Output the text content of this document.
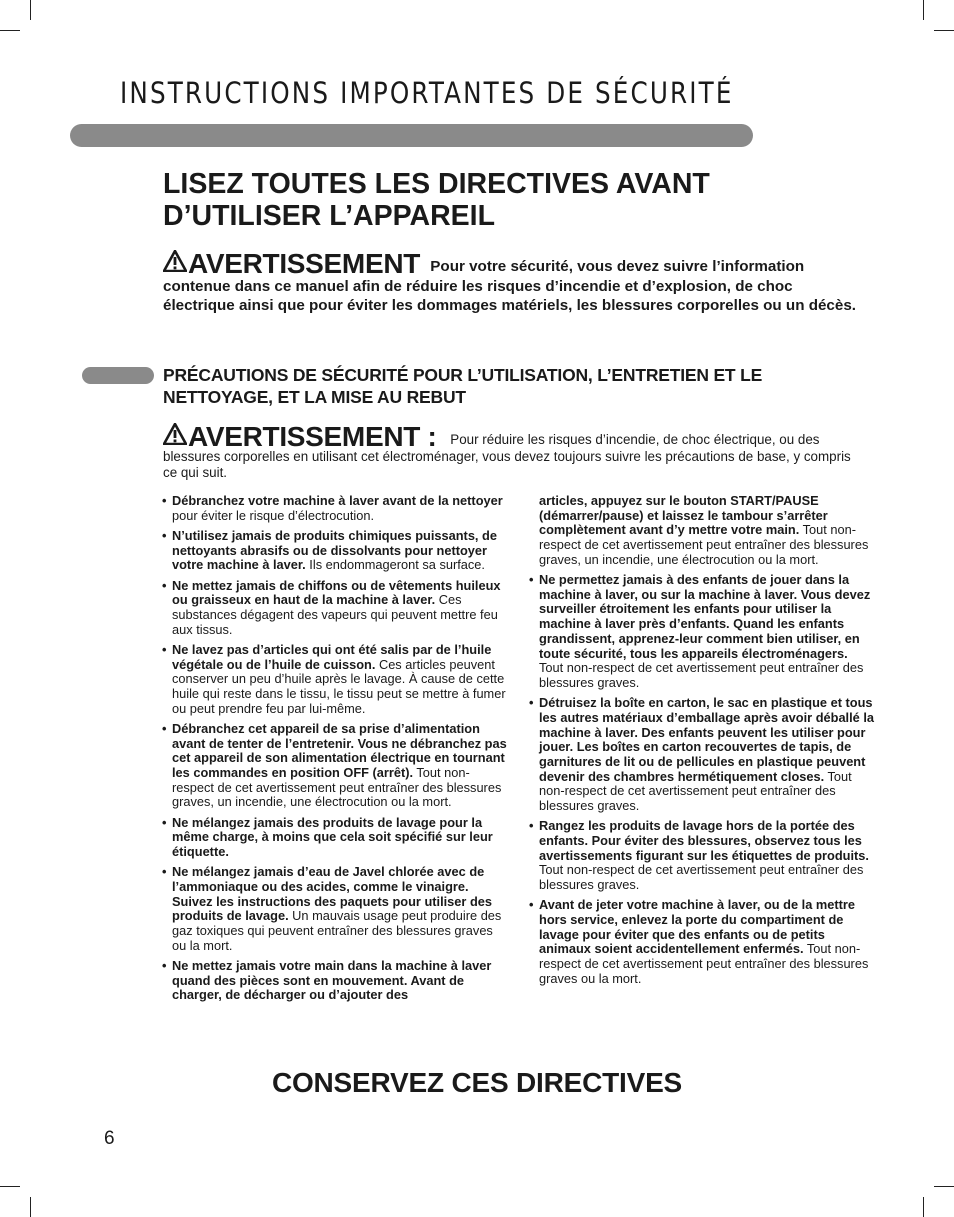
INSTRUCTIONS IMPORTANTES DE SÉCURITÉ
LISEZ TOUTES LES DIRECTIVES AVANT
D’UTILISER L’APPAREIL
AVERTISSEMENT Pour votre sécurité, vous devez suivre l’information contenue dans ce manuel afin de réduire les risques d’incendie et d’explosion, de choc électrique ainsi que pour éviter les dommages matériels, les blessures corporelles ou un décès.
PRÉCAUTIONS DE SÉCURITÉ POUR L’UTILISATION, L’ENTRETIEN ET LE NETTOYAGE, ET LA MISE AU REBUT
AVERTISSEMENT : Pour réduire les risques d’incendie, de choc électrique, ou des blessures corporelles en utilisant cet électroménager, vous devez toujours suivre les précautions de base, y compris ce qui suit.

• Débranchez votre machine à laver avant de la nettoyer pour éviter le risque d’électrocution.

• N’utilisez jamais de produits chimiques puissants, de nettoyants abrasifs ou de dissolvants pour nettoyer votre machine à laver. Ils endommageront sa surface.

• Ne mettez jamais de chiffons ou de vêtements huileux ou graisseux en haut de la machine à laver. Ces substances dégagent des vapeurs qui peuvent mettre feu aux tissus.

• Ne lavez pas d’articles qui ont été salis par de l’huile végétale ou de l’huile de cuisson. Ces articles peuvent conserver un peu d’huile après le lavage. À cause de cette huile qui reste dans le tissu, le tissu peut se mettre à fumer ou peut prendre feu par lui-même.

• Débranchez cet appareil de sa prise d’alimentation avant de tenter de l’entretenir. Vous ne débranchez pas cet appareil de son alimentation électrique en tournant les commandes en position OFF (arrêt). Tout non-respect de cet avertissement peut entraîner des blessures graves, un incendie, une électrocution ou la mort.

• Ne mélangez jamais des produits de lavage pour la même charge, à moins que cela soit spécifié sur leur étiquette.

• Ne mélangez jamais d’eau de Javel chlorée avec de l’ammoniaque ou des acides, comme le vinaigre. Suivez les instructions des paquets pour utiliser des produits de lavage. Un mauvais usage peut produire des gaz toxiques qui peuvent entraîner des blessures graves ou la mort.

• Ne mettez jamais votre main dans la machine à laver quand des pièces sont en mouvement. Avant de charger, de décharger ou d’ajouter des

articles, appuyez sur le bouton START/PAUSE (démarrer/pause) et laissez le tambour s’arrêter complètement avant d’y mettre votre main. Tout non-respect de cet avertissement peut entraîner des blessures graves, un incendie, une électrocution ou la mort.

• Ne permettez jamais à des enfants de jouer dans la machine à laver, ou sur la machine à laver. Vous devez surveiller étroitement les enfants pour utiliser la machine à laver près d’enfants. Quand les enfants grandissent, apprenez-leur comment bien utiliser, en toute sécurité, tous les appareils électroménagers. Tout non-respect de cet avertissement peut entraîner des blessures graves.

• Détruisez la boîte en carton, le sac en plastique et tous les autres matériaux d’emballage après avoir déballé la machine à laver. Des enfants peuvent les utiliser pour jouer. Les boîtes en carton recouvertes de tapis, de garnitures de lit ou de pellicules en plastique peuvent devenir des chambres hermétiquement closes. Tout non-respect de cet avertissement peut entraîner des blessures graves.

• Rangez les produits de lavage hors de la portée des enfants. Pour éviter des blessures, observez tous les avertissements figurant sur les étiquettes de produits. Tout non-respect de cet avertissement peut entraîner des blessures graves.

• Avant de jeter votre machine à laver, ou de la mettre hors service, enlevez la porte du compartiment de lavage pour éviter que des enfants ou de petits animaux soient accidentellement enfermés. Tout non-respect de cet avertissement peut entraîner des blessures graves ou la mort.

CONSERVEZ CES DIRECTIVES
6
